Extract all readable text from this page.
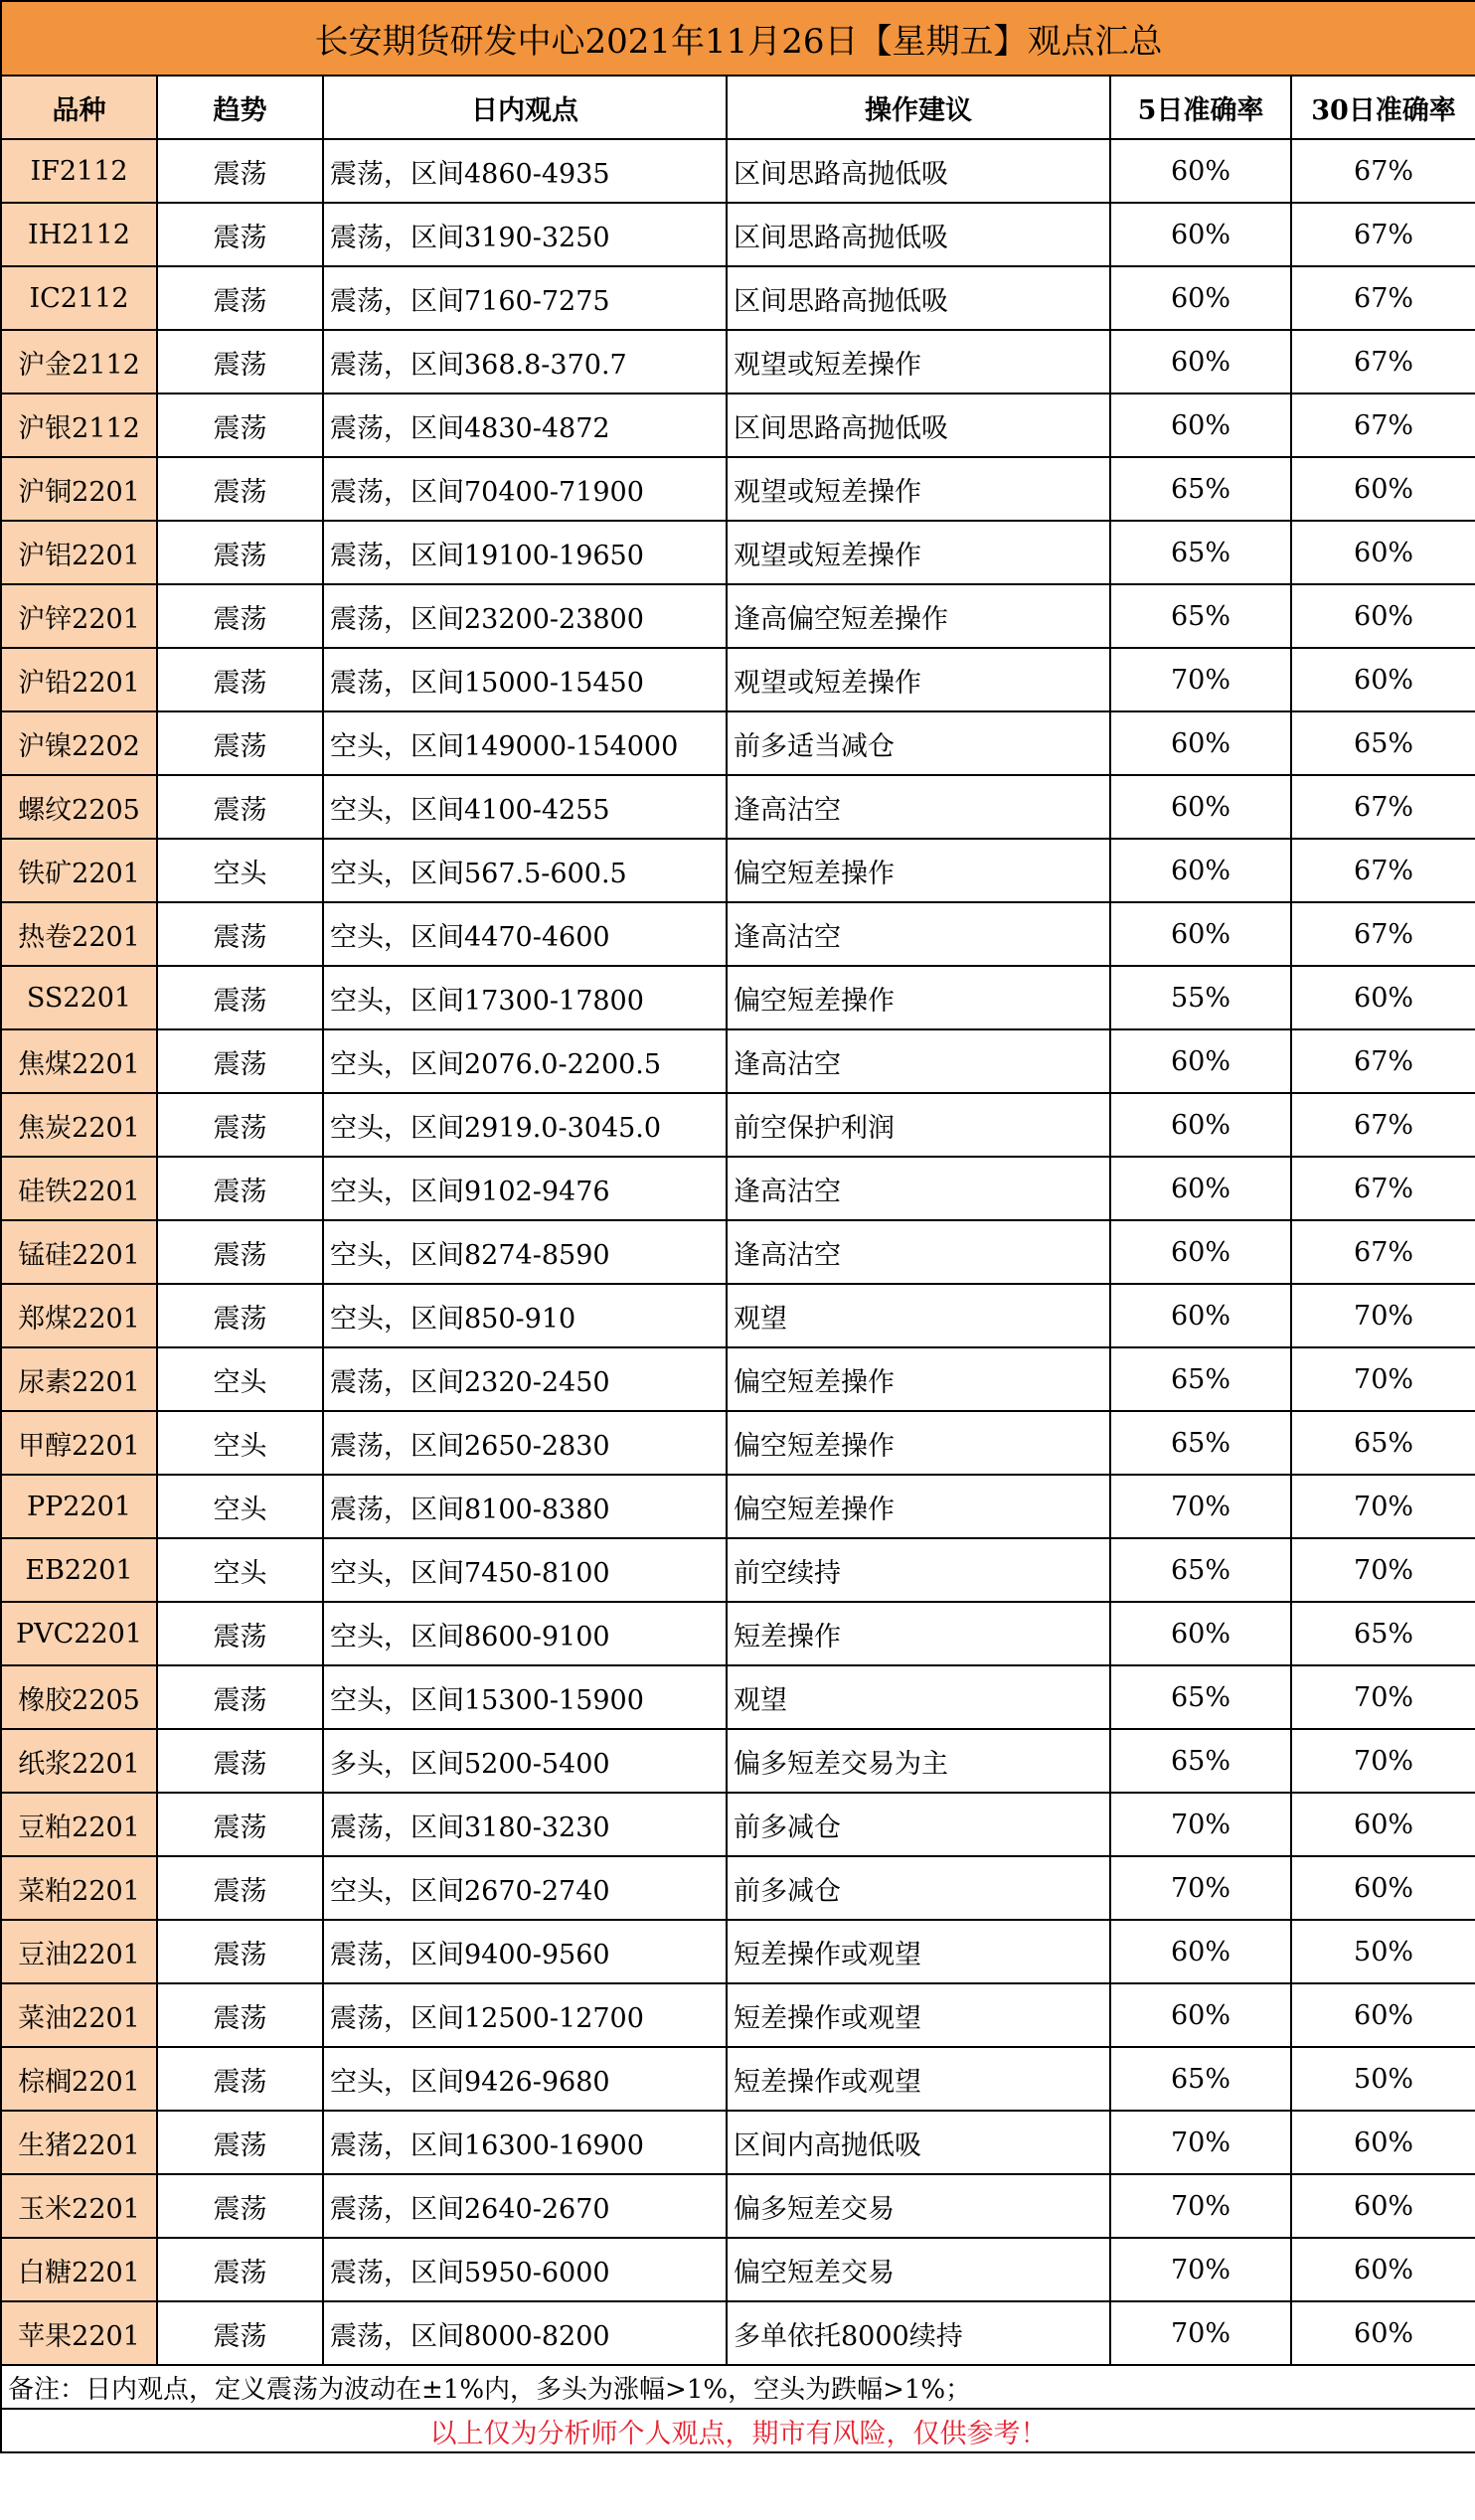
长安期货研发中心2021年11月26日【星期五】观点汇总					
品种	趋势	日内观点	操作建议	5日准确率	30日准确率
IF2112	震荡	震荡，区间4860-4935	区间思路高抛低吸	60%	67%
IH2112	震荡	震荡，区间3190-3250	区间思路高抛低吸	60%	67%
IC2112	震荡	震荡，区间7160-7275	区间思路高抛低吸	60%	67%
沪金2112	震荡	震荡，区间368.8-370.7	观望或短差操作	60%	67%
沪银2112	震荡	震荡，区间4830-4872	区间思路高抛低吸	60%	67%
沪铜2201	震荡	震荡，区间70400-71900	观望或短差操作	65%	60%
沪铝2201	震荡	震荡，区间19100-19650	观望或短差操作	65%	60%
沪锌2201	震荡	震荡，区间23200-23800	逢高偏空短差操作	65%	60%
沪铅2201	震荡	震荡，区间15000-15450	观望或短差操作	70%	60%
沪镍2202	震荡	空头，区间149000-154000	前多适当减仓	60%	65%
螺纹2205	震荡	空头，区间4100-4255	逢高沽空	60%	67%
铁矿2201	空头	空头，区间567.5-600.5	偏空短差操作	60%	67%
热卷2201	震荡	空头，区间4470-4600	逢高沽空	60%	67%
SS2201	震荡	空头，区间17300-17800	偏空短差操作	55%	60%
焦煤2201	震荡	空头，区间2076.0-2200.5	逢高沽空	60%	67%
焦炭2201	震荡	空头，区间2919.0-3045.0	前空保护利润	60%	67%
硅铁2201	震荡	空头，区间9102-9476	逢高沽空	60%	67%
锰硅2201	震荡	空头，区间8274-8590	逢高沽空	60%	67%
郑煤2201	震荡	空头，区间850-910	观望	60%	70%
尿素2201	空头	震荡，区间2320-2450	偏空短差操作	65%	70%
甲醇2201	空头	震荡，区间2650-2830	偏空短差操作	65%	65%
PP2201	空头	震荡，区间8100-8380	偏空短差操作	70%	70%
EB2201	空头	空头，区间7450-8100	前空续持	65%	70%
PVC2201	震荡	空头，区间8600-9100	短差操作	60%	65%
橡胶2205	震荡	空头，区间15300-15900	观望	65%	70%
纸浆2201	震荡	多头，区间5200-5400	偏多短差交易为主	65%	70%
豆粕2201	震荡	震荡，区间3180-3230	前多减仓	70%	60%
菜粕2201	震荡	空头，区间2670-2740	前多减仓	70%	60%
豆油2201	震荡	震荡，区间9400-9560	短差操作或观望	60%	50%
菜油2201	震荡	震荡，区间12500-12700	短差操作或观望	60%	60%
棕榈2201	震荡	空头，区间9426-9680	短差操作或观望	65%	50%
生猪2201	震荡	震荡，区间16300-16900	区间内高抛低吸	70%	60%
玉米2201	震荡	震荡，区间2640-2670	偏多短差交易	70%	60%
白糖2201	震荡	震荡，区间5950-6000	偏空短差交易	70%	60%
苹果2201	震荡	震荡，区间8000-8200	多单依托8000续持	70%	60%
备注：日内观点，定义震荡为波动在±1%内，多头为涨幅>1%，空头为跌幅>1%；					
以上仅为分析师个人观点，期市有风险，仅供参考！					
